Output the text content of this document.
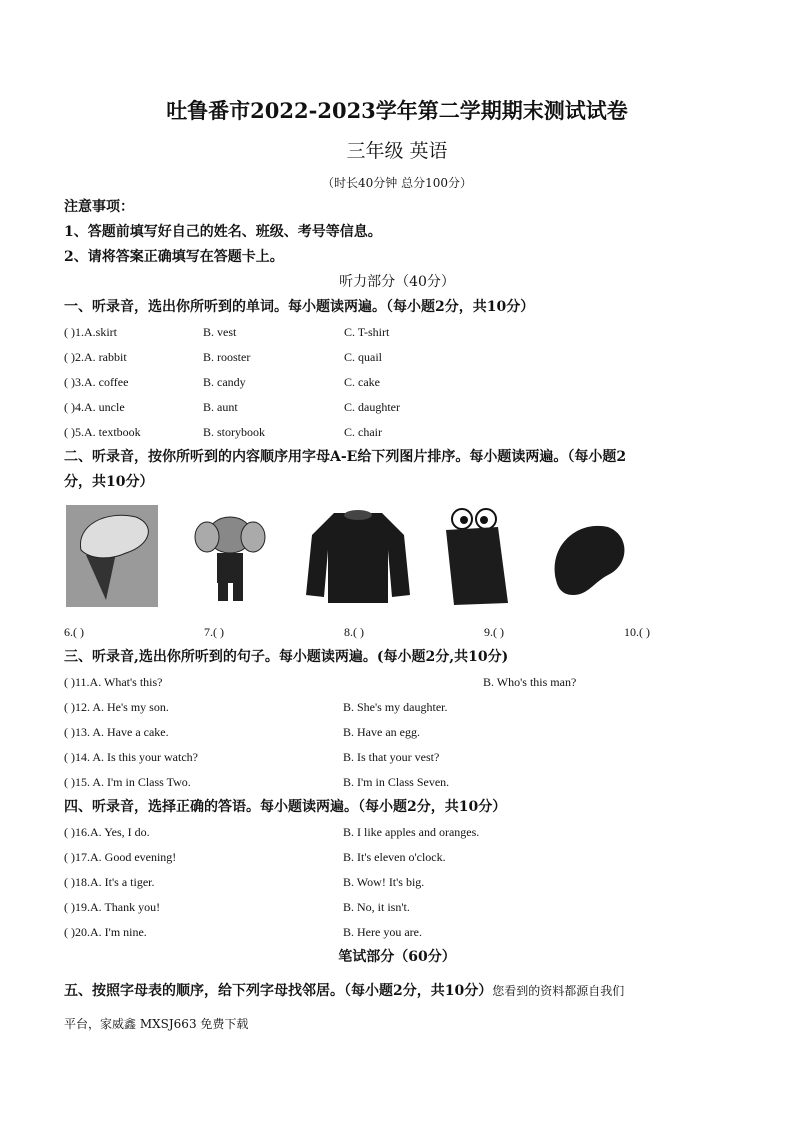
吐鲁番市2022-2023学年第二学期期末测试试卷
三年级 英语
（时长40分钟 总分100分）
注意事项：
1、答题前填写好自己的姓名、班级、考号等信息。
2、请将答案正确填写在答题卡上。
听力部分（40分）
一、听录音，选出你所听到的单词。每小题读两遍。（每小题2分，共10分）
( )1.A.skirt	B. vest	C. T-shirt
( )2.A. rabbit	B. rooster	C. quail
( )3.A. coffee	B. candy	C. cake
( )4.A. uncle	B. aunt	C. daughter
( )5.A. textbook	B. storybook	C. chair
二、听录音，按你所听到的内容顺序用字母A-E给下列图片排序。每小题读两遍。（每小题2
分，共10分）
6.( )	7.( )	8.( )	9.( )	10.( )
三、听录音,选出你所听到的句子。每小题读两遍。(每小题2分,共10分)
( )11.A. What's this?	B. Who's this man?
( )12. A. He's my son.	B. She's my daughter.
( )13. A. Have a cake.	B. Have an egg.
( )14. A. Is this your watch?	B. Is that your vest?
( )15. A. I'm in Class Two.	B. I'm in Class Seven.
四、听录音，选择正确的答语。每小题读两遍。（每小题2分，共10分）
( )16.A. Yes, I do.	B. I like apples and oranges.
( )17.A. Good evening!	B. It's eleven o'clock.
( )18.A. It's a tiger.	B. Wow! It's big.
( )19.A. Thank you!	B. No, it isn't.
( )20.A. I'm nine.	B. Here you are.
笔试部分（60分）
五、按照字母表的顺序，给下列字母找邻居。（每小题2分，共10分）您看到的资料都源自我们
平台，家威鑫 MXSJ663 免费下载
